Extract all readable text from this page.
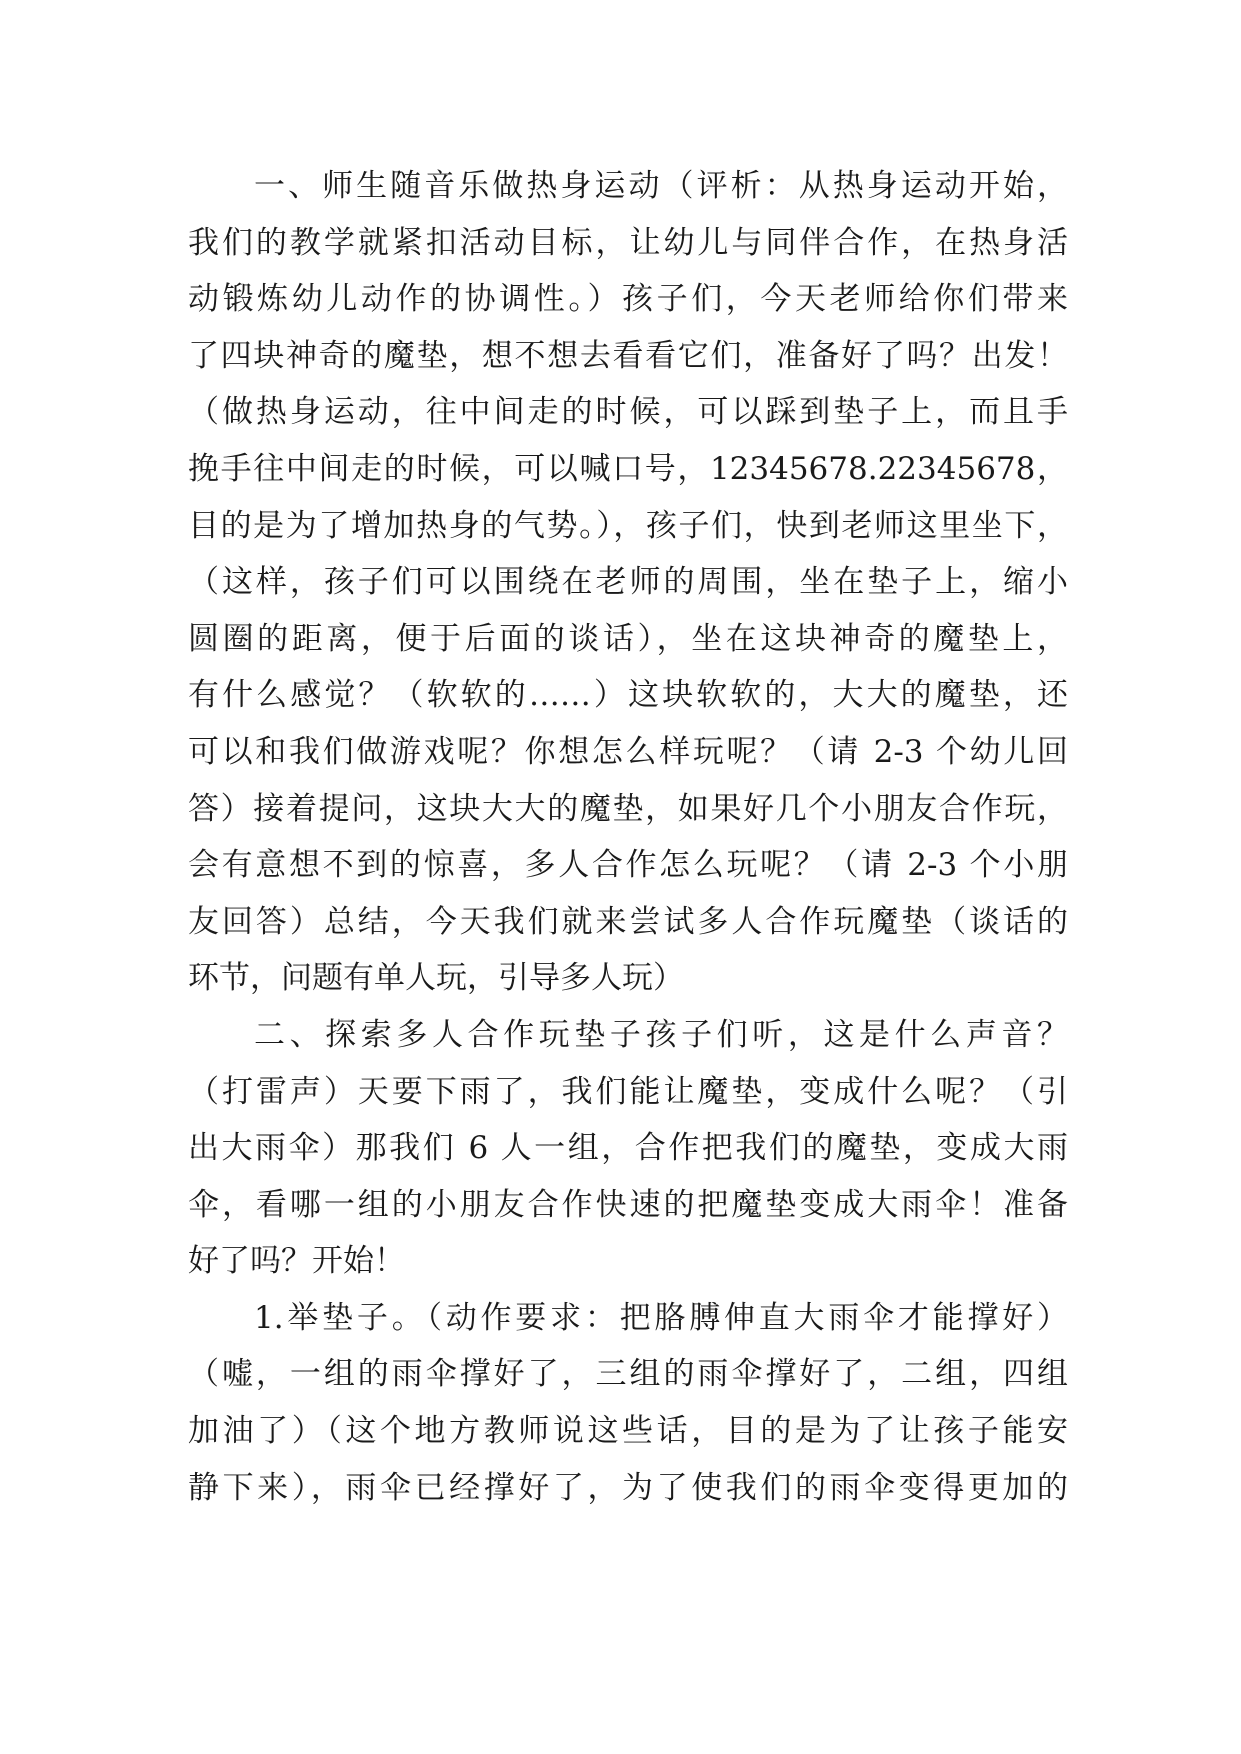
一、师生随音乐做热身运动（评析：从热身运动开始，
我们的教学就紧扣活动目标，让幼儿与同伴合作，在热身活
动锻炼幼儿动作的协调性。）孩子们，今天老师给你们带来
了四块神奇的魔垫，想不想去看看它们，准备好了吗？出发！
（做热身运动，往中间走的时候，可以踩到垫子上，而且手
挽手往中间走的时候，可以喊口号，12345678.22345678，
目的是为了增加热身的气势。），孩子们，快到老师这里坐下，
（这样，孩子们可以围绕在老师的周围，坐在垫子上，缩小
圆圈的距离，便于后面的谈话），坐在这块神奇的魔垫上，
有什么感觉？（软软的……）这块软软的，大大的魔垫，还
可以和我们做游戏呢？你想怎么样玩呢？（请 2-3 个幼儿回
答）接着提问，这块大大的魔垫，如果好几个小朋友合作玩，
会有意想不到的惊喜，多人合作怎么玩呢？（请 2-3 个小朋
友回答）总结，今天我们就来尝试多人合作玩魔垫（谈话的
环节，问题有单人玩，引导多人玩）
二、探索多人合作玩垫子孩子们听，这是什么声音？
（打雷声）天要下雨了，我们能让魔垫，变成什么呢？（引
出大雨伞）那我们 6 人一组，合作把我们的魔垫，变成大雨
伞，看哪一组的小朋友合作快速的把魔垫变成大雨伞！准备
好了吗？开始！
1.举垫子。（动作要求：把胳膊伸直大雨伞才能撑好）
（嘘，一组的雨伞撑好了，三组的雨伞撑好了，二组，四组
加油了）（这个地方教师说这些话，目的是为了让孩子能安
静下来），雨伞已经撑好了，为了使我们的雨伞变得更加的
